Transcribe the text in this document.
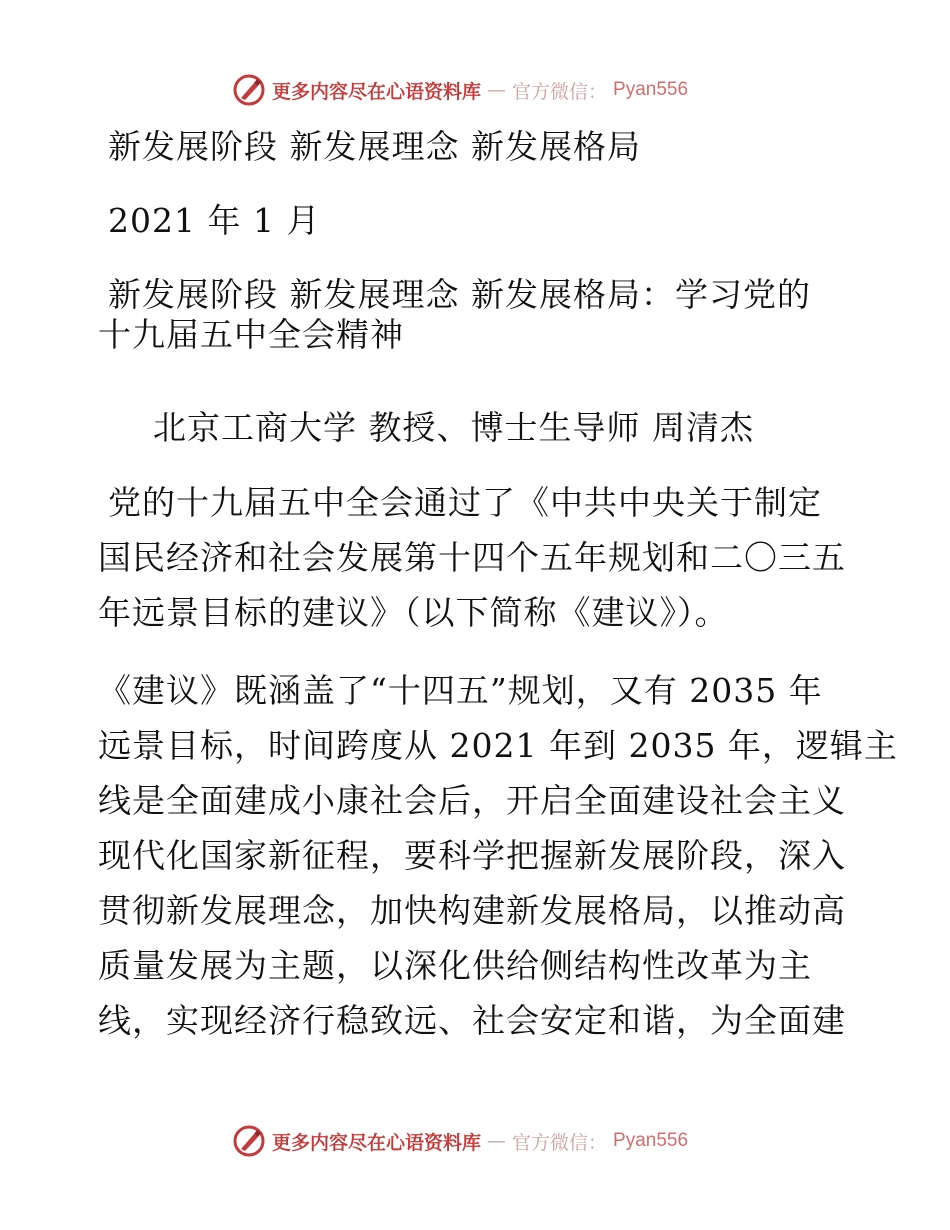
更多内容尽在心语资料库 — 官方微信： Pyan556
新发展阶段 新发展理念 新发展格局
2021 年 1 月
新发展阶段 新发展理念 新发展格局：学习党的
十九届五中全会精神
北京工商大学 教授、博士生导师 周清杰
党的十九届五中全会通过了《中共中央关于制定
国民经济和社会发展第十四个五年规划和二〇三五
年远景目标的建议》（以下简称《建议》）。
《建议》既涵盖了“十四五”规划，又有 2035 年
远景目标，时间跨度从 2021 年到 2035 年，逻辑主
线是全面建成小康社会后，开启全面建设社会主义
现代化国家新征程，要科学把握新发展阶段，深入
贯彻新发展理念，加快构建新发展格局，以推动高
质量发展为主题，以深化供给侧结构性改革为主
线，实现经济行稳致远、社会安定和谐，为全面建
更多内容尽在心语资料库 — 官方微信： Pyan556
